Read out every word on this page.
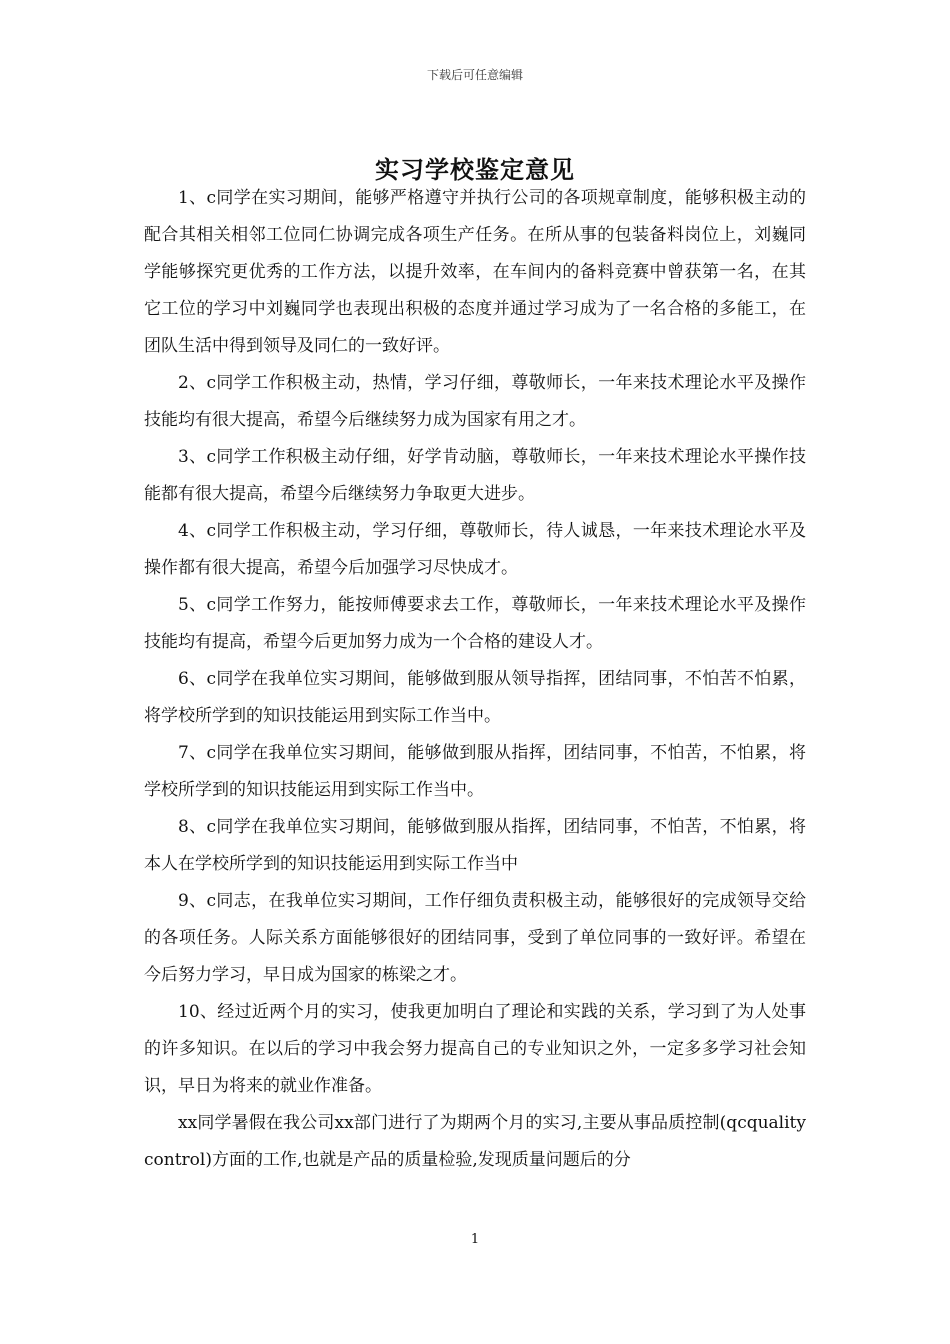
下载后可任意编辑
实习学校鉴定意见

1、c同学在实习期间，能够严格遵守并执行公司的各项规章制度，能够积极主动的配合其相关相邻工位同仁协调完成各项生产任务。在所从事的包装备料岗位上，刘巍同学能够探究更优秀的工作方法，以提升效率，在车间内的备料竞赛中曾获第一名，在其它工位的学习中刘巍同学也表现出积极的态度并通过学习成为了一名合格的多能工，在团队生活中得到领导及同仁的一致好评。

2、c同学工作积极主动，热情，学习仔细，尊敬师长，一年来技术理论水平及操作技能均有很大提高，希望今后继续努力成为国家有用之才。

3、c同学工作积极主动仔细，好学肯动脑，尊敬师长，一年来技术理论水平操作技能都有很大提高，希望今后继续努力争取更大进步。

4、c同学工作积极主动，学习仔细，尊敬师长，待人诚恳，一年来技术理论水平及操作都有很大提高，希望今后加强学习尽快成才。

5、c同学工作努力，能按师傅要求去工作，尊敬师长，一年来技术理论水平及操作技能均有提高，希望今后更加努力成为一个合格的建设人才。

6、c同学在我单位实习期间，能够做到服从领导指挥，团结同事，不怕苦不怕累，将学校所学到的知识技能运用到实际工作当中。

7、c同学在我单位实习期间，能够做到服从指挥，团结同事，不怕苦，不怕累，将学校所学到的知识技能运用到实际工作当中。

8、c同学在我单位实习期间，能够做到服从指挥，团结同事，不怕苦，不怕累，将本人在学校所学到的知识技能运用到实际工作当中

9、c同志，在我单位实习期间，工作仔细负责积极主动，能够很好的完成领导交给的各项任务。人际关系方面能够很好的团结同事，受到了单位同事的一致好评。希望在今后努力学习，早日成为国家的栋梁之才。

10、经过近两个月的实习，使我更加明白了理论和实践的关系，学习到了为人处事的许多知识。在以后的学习中我会努力提高自己的专业知识之外，一定多多学习社会知识，早日为将来的就业作准备。

xx同学暑假在我公司xx部门进行了为期两个月的实习,主要从事品质控制(qcqualitycontrol)方面的工作,也就是产品的质量检验,发现质量问题后的分

1
